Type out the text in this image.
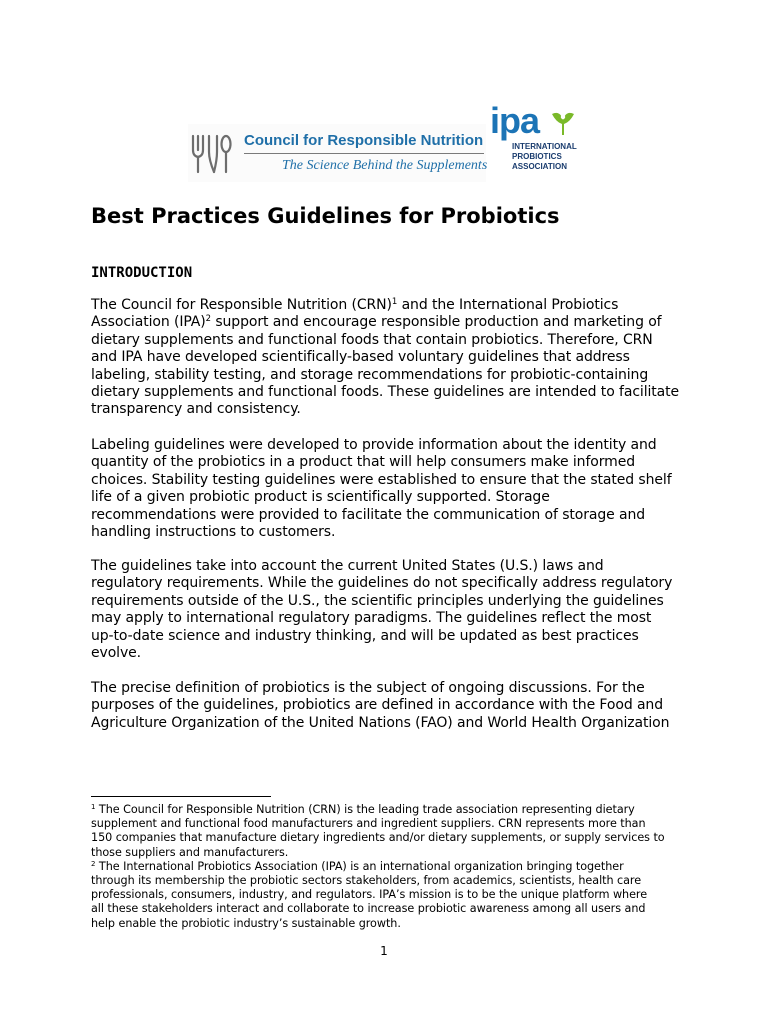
Council for Responsible Nutrition
The Science Behind the Supplements
ipa
INTERNATIONAL
PROBIOTICS
ASSOCIATION
Best Practices Guidelines for Probiotics
INTRODUCTION

The Council for Responsible Nutrition (CRN)$^1$ and the International Probiotics
Association (IPA)$^2$ support and encourage responsible production and marketing of
dietary supplements and functional foods that contain probiotics. Therefore, CRN
and IPA have developed scientifically-based voluntary guidelines that address
labeling, stability testing, and storage recommendations for probiotic-containing
dietary supplements and functional foods. These guidelines are intended to facilitate
transparency and consistency.

Labeling guidelines were developed to provide information about the identity and
quantity of the probiotics in a product that will help consumers make informed
choices. Stability testing guidelines were established to ensure that the stated shelf
life of a given probiotic product is scientifically supported. Storage
recommendations were provided to facilitate the communication of storage and
handling instructions to customers.

The guidelines take into account the current United States (U.S.) laws and
regulatory requirements. While the guidelines do not specifically address regulatory
requirements outside of the U.S., the scientific principles underlying the guidelines
may apply to international regulatory paradigms. The guidelines reflect the most
up-to-date science and industry thinking, and will be updated as best practices
evolve.

The precise definition of probiotics is the subject of ongoing discussions. For the
purposes of the guidelines, probiotics are defined in accordance with the Food and
Agriculture Organization of the United Nations (FAO) and World Health Organization

$^1$ The Council for Responsible Nutrition (CRN) is the leading trade association representing dietary
supplement and functional food manufacturers and ingredient suppliers. CRN represents more than
150 companies that manufacture dietary ingredients and/or dietary supplements, or supply services to
those suppliers and manufacturers.
$^2$ The International Probiotics Association (IPA) is an international organization bringing together
through its membership the probiotic sectors stakeholders, from academics, scientists, health care
professionals, consumers, industry, and regulators. IPA’s mission is to be the unique platform where
all these stakeholders interact and collaborate to increase probiotic awareness among all users and
help enable the probiotic industry’s sustainable growth.
1
